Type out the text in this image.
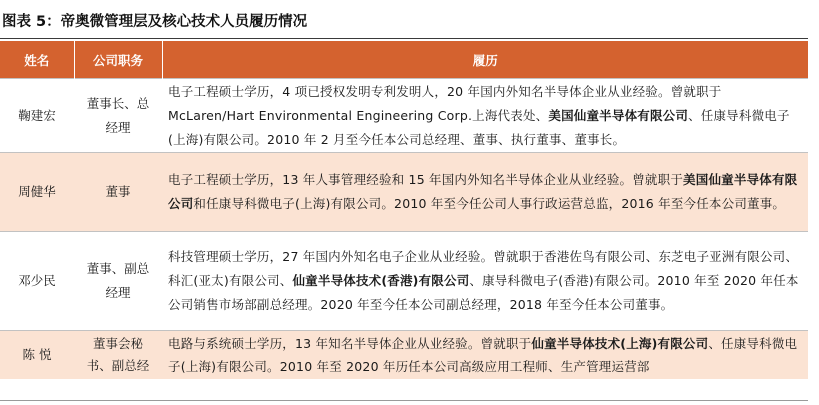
图表 5：帝奥微管理层及核心技术人员履历情况
姓名	公司职务	履历
鞠建宏	董事长、总经理	电子工程硕士学历，4 项已授权发明专利发明人，20 年国内外知名半导体企业从业经验。曾就职于 McLaren/Hart Environmental Engineering Corp.上海代表处、美国仙童半导体有限公司、任康导科微电子(上海)有限公司。2010 年 2 月至今任本公司总经理、董事、执行董事、董事长。
周健华	董事	电子工程硕士学历，13 年人事管理经验和 15 年国内外知名半导体企业从业经验。曾就职于美国仙童半导体有限公司和任康导科微电子(上海)有限公司。2010 年至今任公司人事行政运营总监，2016 年至今任本公司董事。
邓少民	董事、副总经理	科技管理硕士学历，27 年国内外知名电子企业从业经验。曾就职于香港佐鸟有限公司、东芝电子亚洲有限公司、科汇(亚太)有限公司、仙童半导体技术(香港)有限公司、康导科微电子(香港)有限公司。2010 年至 2020 年任本公司销售市场部副总经理。2020 年至今任本公司副总经理，2018 年至今任本公司董事。
陈 悦	董事会秘书、副总经	电路与系统硕士学历，13 年知名半导体企业从业经验。曾就职于仙童半导体技术(上海)有限公司、任康导科微电子(上海)有限公司。2010 年至 2020 年历任本公司高级应用工程师、生产管理运营部
